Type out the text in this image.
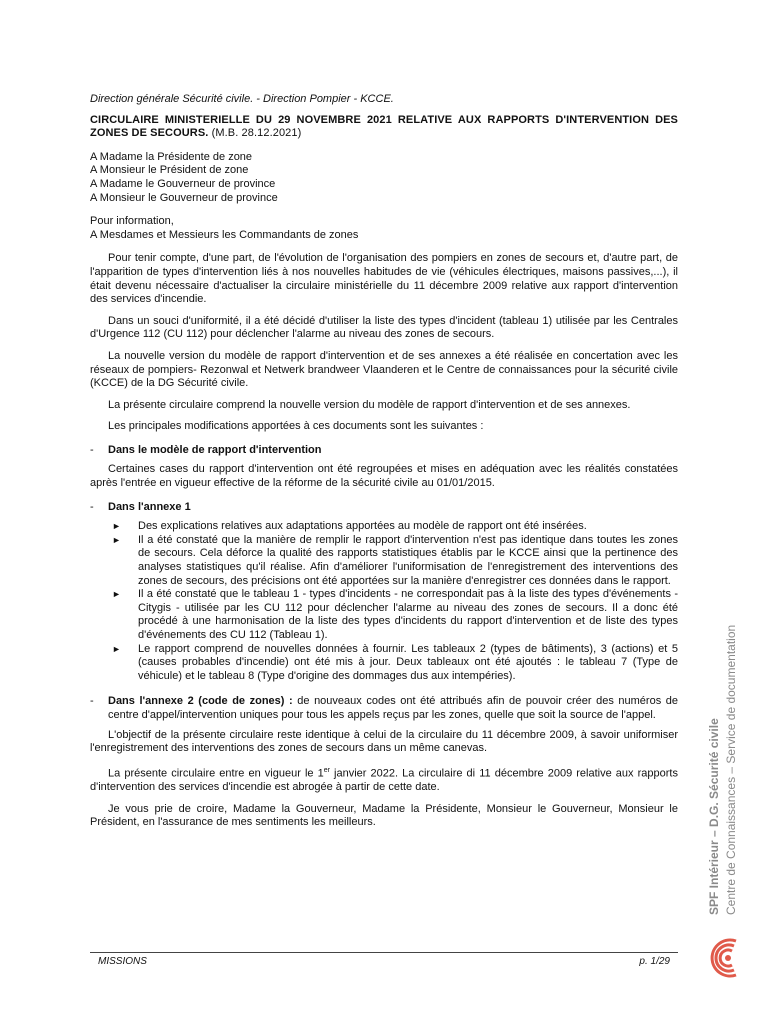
Direction générale Sécurité civile. - Direction Pompier - KCCE.
CIRCULAIRE MINISTERIELLE DU 29 NOVEMBRE 2021 RELATIVE AUX RAPPORTS D'INTERVENTION DES ZONES DE SECOURS. (M.B. 28.12.2021)
A Madame la Présidente de zone
A Monsieur le Président de zone
A Madame le Gouverneur de province
A Monsieur le Gouverneur de province
Pour information,
A Mesdames et Messieurs les Commandants de zones

Pour tenir compte, d'une part, de l'évolution de l'organisation des pompiers en zones de secours et, d'autre part, de l'apparition de types d'intervention liés à nos nouvelles habitudes de vie (véhicules électriques, maisons passives,...), il était devenu nécessaire d'actualiser la circulaire ministérielle du 11 décembre 2009 relative aux rapport d'intervention des services d'incendie.

Dans un souci d'uniformité, il a été décidé d'utiliser la liste des types d'incident (tableau 1) utilisée par les Centrales d'Urgence 112 (CU 112) pour déclencher l'alarme au niveau des zones de secours.

La nouvelle version du modèle de rapport d'intervention et de ses annexes a été réalisée en concertation avec les réseaux de pompiers- Rezonwal et Netwerk brandweer Vlaanderen et le Centre de connaissances pour la sécurité civile (KCCE) de la DG Sécurité civile.

La présente circulaire comprend la nouvelle version du modèle de rapport d'intervention et de ses annexes.

Les principales modifications apportées à ces documents sont les suivantes :

-	Dans le modèle de rapport d'intervention

Certaines cases du rapport d'intervention ont été regroupées et mises en adéquation avec les réalités constatées après l'entrée en vigueur effective de la réforme de la sécurité civile au 01/01/2015.

-	Dans l'annexe 1
►	Des explications relatives aux adaptations apportées au modèle de rapport ont été insérées.
►	Il a été constaté que la manière de remplir le rapport d'intervention n'est pas identique dans toutes les zones de secours. Cela déforce la qualité des rapports statistiques établis par le KCCE ainsi que la pertinence des analyses statistiques qu'il réalise. Afin d'améliorer l'uniformisation de l'enregistrement des interventions des zones de secours, des précisions ont été apportées sur la manière d'enregistrer ces données dans le rapport.
►	Il a été constaté que le tableau 1 - types d'incidents - ne correspondait pas à la liste des types d'événements - Citygis - utilisée par les CU 112 pour déclencher l'alarme au niveau des zones de secours. Il a donc été procédé à une harmonisation de la liste des types d'incidents du rapport d'intervention et de liste des types d'événements des CU 112 (Tableau 1).
►	Le rapport comprend de nouvelles données à fournir. Les tableaux 2 (types de bâtiments), 3 (actions) et 5 (causes probables d'incendie) ont été mis à jour. Deux tableaux ont été ajoutés : le tableau 7 (Type de véhicule) et le tableau 8 (Type d'origine des dommages dus aux intempéries).
-	Dans l'annexe 2 (code de zones) : de nouveaux codes ont été attribués afin de pouvoir créer des numéros de centre d'appel/intervention uniques pour tous les appels reçus par les zones, quelle que soit la source de l'appel.

L'objectif de la présente circulaire reste identique à celui de la circulaire du 11 décembre 2009, à savoir uniformiser l'enregistrement des interventions des zones de secours dans un même canevas.

La présente circulaire entre en vigueur le 1er janvier 2022. La circulaire di 11 décembre 2009 relative aux rapports d'intervention des services d'incendie est abrogée à partir de cette date.

Je vous prie de croire, Madame la Gouverneur, Madame la Présidente, Monsieur le Gouverneur, Monsieur le Président, en l'assurance de mes sentiments les meilleurs.

MISSIONS	p. 1/29
SPF Intérieur – D.G. Sécurité civile Centre de Connaissances – Service de documentation
